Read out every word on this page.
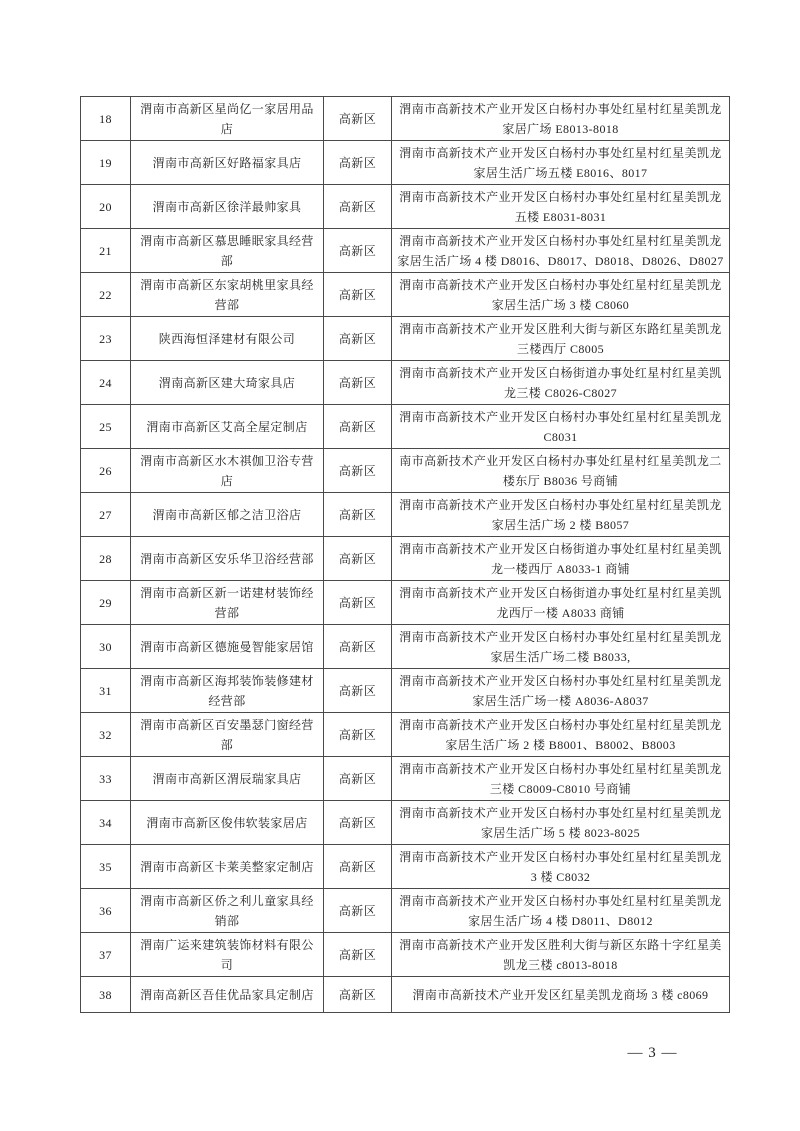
18	渭南市高新区星尚亿一家居用品店	高新区	渭南市高新技术产业开发区白杨村办事处红星村红星美凯龙家居广场 E8013-8018
19	渭南市高新区好路福家具店	高新区	渭南市高新技术产业开发区白杨村办事处红星村红星美凯龙家居生活广场五楼 E8016、8017
20	渭南市高新区徐洋最帅家具	高新区	渭南市高新技术产业开发区白杨村办事处红星村红星美凯龙五楼 E8031-8031
21	渭南市高新区慕思睡眠家具经营部	高新区	渭南市高新技术产业开发区白杨村办事处红星村红星美凯龙家居生活广场 4 楼 D8016、D8017、D8018、D8026、D8027
22	渭南市高新区东家胡桃里家具经营部	高新区	渭南市高新技术产业开发区白杨村办事处红星村红星美凯龙家居生活广场 3 楼 C8060
23	陕西海恒泽建材有限公司	高新区	渭南市高新技术产业开发区胜利大街与新区东路红星美凯龙三楼西厅 C8005
24	渭南高新区建大琦家具店	高新区	渭南市高新技术产业开发区白杨街道办事处红星村红星美凯龙三楼 C8026-C8027
25	渭南市高新区艾高全屋定制店	高新区	渭南市高新技术产业开发区白杨村办事处红星村红星美凯龙 C8031
26	渭南市高新区水木祺伽卫浴专营店	高新区	南市高新技术产业开发区白杨村办事处红星村红星美凯龙二楼东厅 B8036 号商铺
27	渭南市高新区郁之洁卫浴店	高新区	渭南市高新技术产业开发区白杨村办事处红星村红星美凯龙家居生活广场 2 楼 B8057
28	渭南市高新区安乐华卫浴经营部	高新区	渭南市高新技术产业开发区白杨街道办事处红星村红星美凯龙一楼西厅 A8033-1 商铺
29	渭南市高新区新一诺建材装饰经营部	高新区	渭南市高新技术产业开发区白杨街道办事处红星村红星美凯龙西厅一楼 A8033 商铺
30	渭南市高新区德施曼智能家居馆	高新区	渭南市高新技术产业开发区白杨村办事处红星村红星美凯龙家居生活广场二楼 B8033,
31	渭南市高新区海邦装饰装修建材经营部	高新区	渭南市高新技术产业开发区白杨村办事处红星村红星美凯龙家居生活广场一楼 A8036-A8037
32	渭南市高新区百安墨瑟门窗经营部	高新区	渭南市高新技术产业开发区白杨村办事处红星村红星美凯龙家居生活广场 2 楼 B8001、B8002、B8003
33	渭南市高新区渭辰瑞家具店	高新区	渭南市高新技术产业开发区白杨村办事处红星村红星美凯龙三楼 C8009-C8010 号商铺
34	渭南市高新区俊伟软装家居店	高新区	渭南市高新技术产业开发区白杨村办事处红星村红星美凯龙家居生活广场 5 楼 8023-8025
35	渭南市高新区卡莱美整家定制店	高新区	渭南市高新技术产业开发区白杨村办事处红星村红星美凯龙 3 楼 C8032
36	渭南市高新区侨之利儿童家具经销部	高新区	渭南市高新技术产业开发区白杨村办事处红星村红星美凯龙家居生活广场 4 楼 D8011、D8012
37	渭南广运来建筑装饰材料有限公司	高新区	渭南市高新技术产业开发区胜利大街与新区东路十字红星美凯龙三楼 c8013-8018
38	渭南高新区吾佳优品家具定制店	高新区	渭南市高新技术产业开发区红星美凯龙商场 3 楼 c8069
— 3 —
